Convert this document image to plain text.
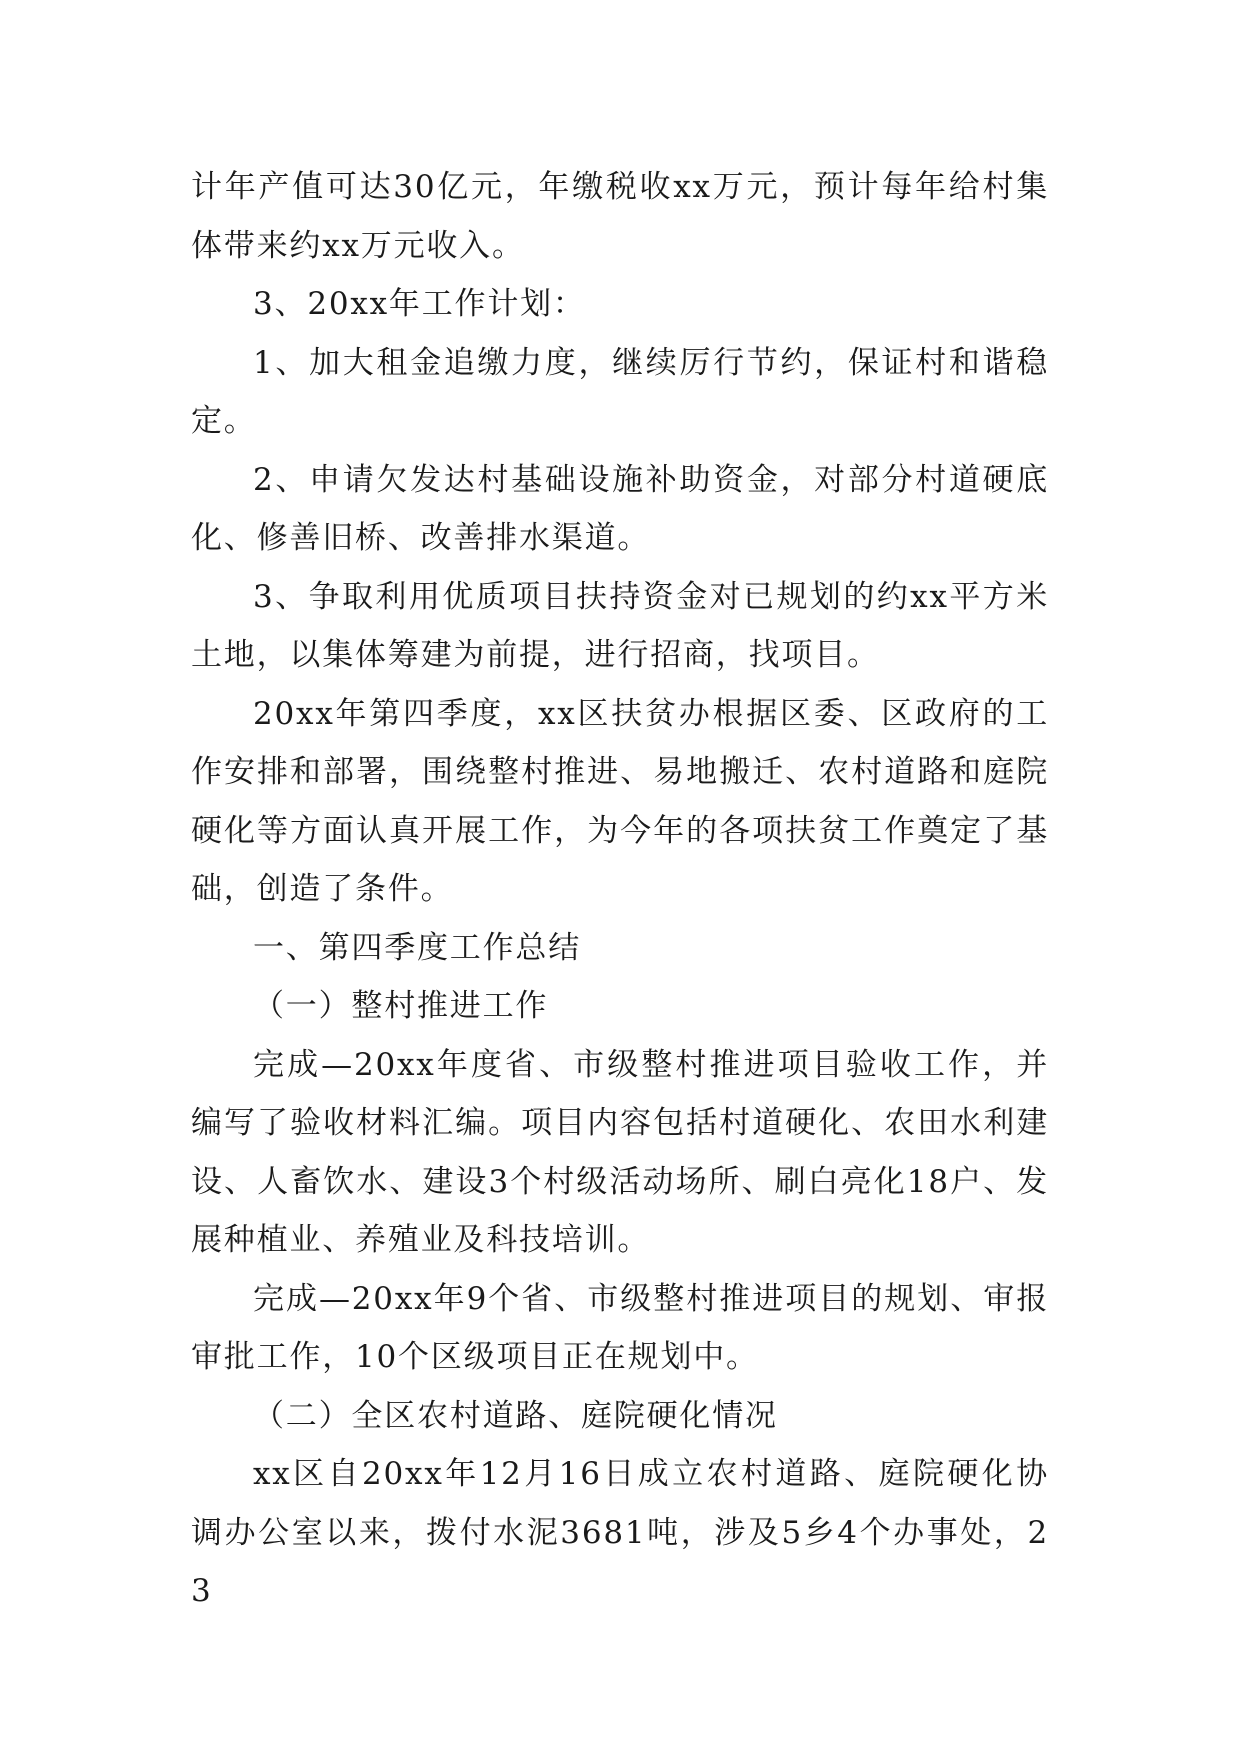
计年产值可达30亿元，年缴税收xx万元，预计每年给村集体带来约xx万元收入。

3、20xx年工作计划：

1、加大租金追缴力度，继续厉行节约，保证村和谐稳定。

2、申请欠发达村基础设施补助资金，对部分村道硬底化、修善旧桥、改善排水渠道。

3、争取利用优质项目扶持资金对已规划的约xx平方米土地，以集体筹建为前提，进行招商，找项目。

20xx年第四季度，xx区扶贫办根据区委、区政府的工作安排和部署，围绕整村推进、易地搬迁、农村道路和庭院硬化等方面认真开展工作，为今年的各项扶贫工作奠定了基础，创造了条件。

一、第四季度工作总结

（一）整村推进工作

完成—20xx年度省、市级整村推进项目验收工作，并编写了验收材料汇编。项目内容包括村道硬化、农田水利建设、人畜饮水、建设3个村级活动场所、刷白亮化18户、发展种植业、养殖业及科技培训。

完成—20xx年9个省、市级整村推进项目的规划、审报审批工作，10个区级项目正在规划中。

（二）全区农村道路、庭院硬化情况

xx区自20xx年12月16日成立农村道路、庭院硬化协调办公室以来，拨付水泥3681吨，涉及5乡4个办事处，23
